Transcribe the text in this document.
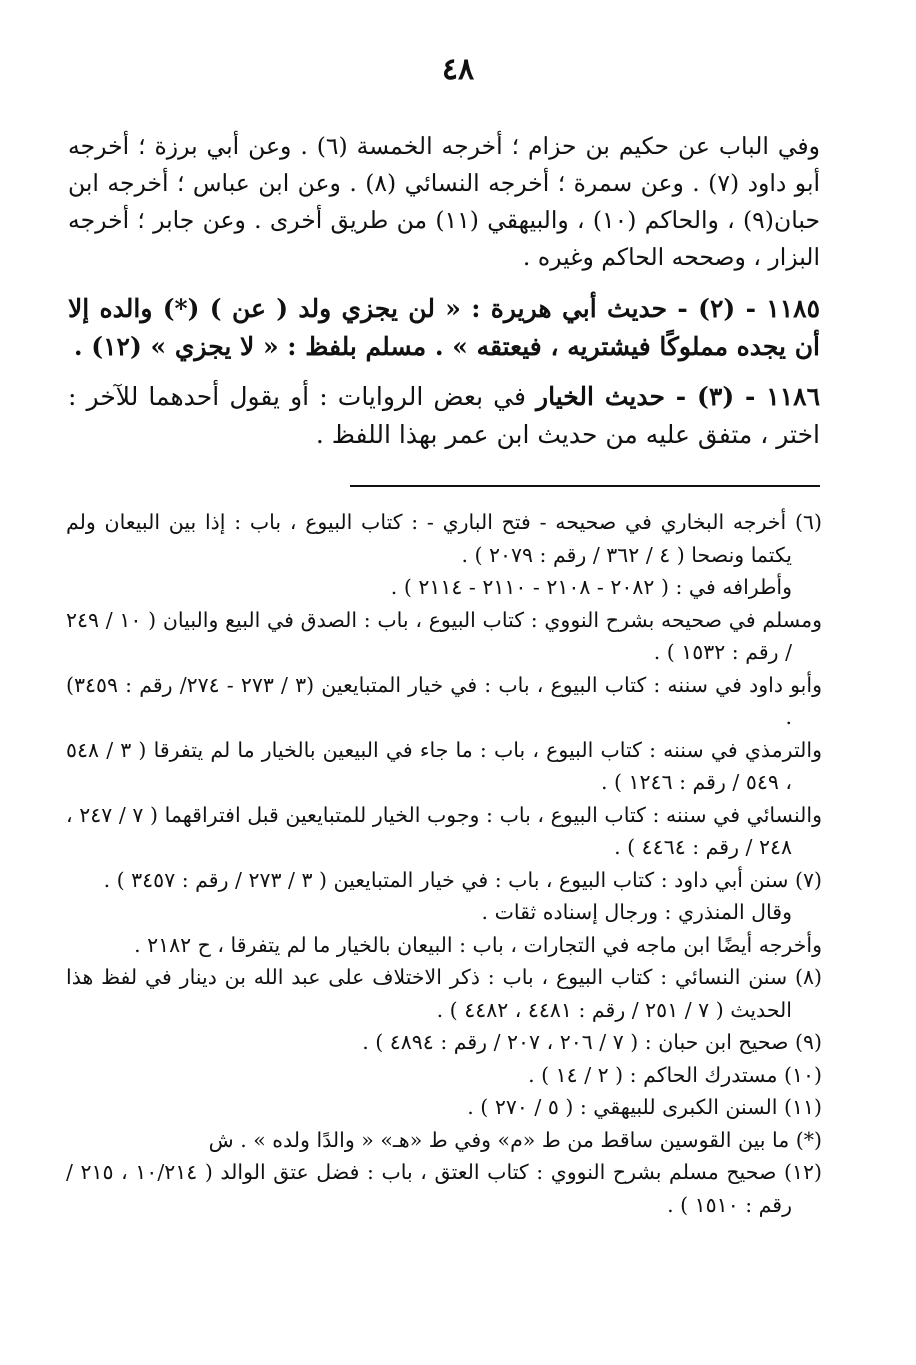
٤٨

وفي الباب عن حكيم بن حزام ؛ أخرجه الخمسة (٦) . وعن أبي برزة ؛ أخرجه أبو داود (٧) . وعن سمرة ؛ أخرجه النسائي (٨) . وعن ابن عباس ؛ أخرجه ابن حبان(٩) ، والحاكم (١٠) ، والبيهقي (١١) من طريق أخرى . وعن جابر ؛ أخرجه البزار ، وصححه الحاكم وغيره .

١١٨٥ - (٢) - حديث أبي هريرة : « لن يجزي ولد ( عن ) (*) والده إلا أن يجده مملوكًا فيشتريه ، فيعتقه » . مسلم بلفظ : « لا يجزي » (١٢) .

١١٨٦ - (٣) - حديث الخيار في بعض الروايات : أو يقول أحدهما للآخر : اختر ، متفق عليه من حديث ابن عمر بهذا اللفظ .

(٦) أخرجه البخاري في صحيحه - فتح الباري - : كتاب البيوع ، باب : إذا بين البيعان ولم يكتما ونصحا ( ٤ / ٣٦٢ / رقم : ٢٠٧٩ ) .

وأطرافه في : ( ٢٠٨٢ - ٢١٠٨ - ٢١١٠ - ٢١١٤ ) .

ومسلم في صحيحه بشرح النووي : كتاب البيوع ، باب : الصدق في البيع والبيان ( ١٠ / ٢٤٩ / رقم : ١٥٣٢ ) .

وأبو داود في سننه : كتاب البيوع ، باب : في خيار المتبايعين (٣ / ٢٧٣ - ٢٧٤/ رقم : ٣٤٥٩) .

والترمذي في سننه : كتاب البيوع ، باب : ما جاء في البيعين بالخيار ما لم يتفرقا ( ٣ / ٥٤٨ ، ٥٤٩ / رقم : ١٢٤٦ ) .

والنسائي في سننه : كتاب البيوع ، باب : وجوب الخيار للمتبايعين قبل افتراقهما ( ٧ / ٢٤٧ ، ٢٤٨ / رقم : ٤٤٦٤ ) .

(٧) سنن أبي داود : كتاب البيوع ، باب : في خيار المتبايعين ( ٣ / ٢٧٣ / رقم : ٣٤٥٧ ) .

وقال المنذري : ورجال إسناده ثقات .

وأخرجه أيضًا ابن ماجه في التجارات ، باب : البيعان بالخيار ما لم يتفرقا ، ح ٢١٨٢ .

(٨) سنن النسائي : كتاب البيوع ، باب : ذكر الاختلاف على عبد الله بن دينار في لفظ هذا الحديث ( ٧ / ٢٥١ / رقم : ٤٤٨١ ، ٤٤٨٢ ) .

(٩) صحيح ابن حبان : ( ٧ / ٢٠٦ ، ٢٠٧ / رقم : ٤٨٩٤ ) .

(١٠) مستدرك الحاكم : ( ٢ / ١٤ ) .

(١١) السنن الكبرى للبيهقي : ( ٥ / ٢٧٠ ) .

(*) ما بين القوسين ساقط من ط «م» وفي ط «هـ» « والدًا ولده » . ش

(١٢) صحيح مسلم بشرح النووي : كتاب العتق ، باب : فضل عتق الوالد ( ١٠/٢١٤ ، ٢١٥ / رقم : ١٥١٠ ) .
